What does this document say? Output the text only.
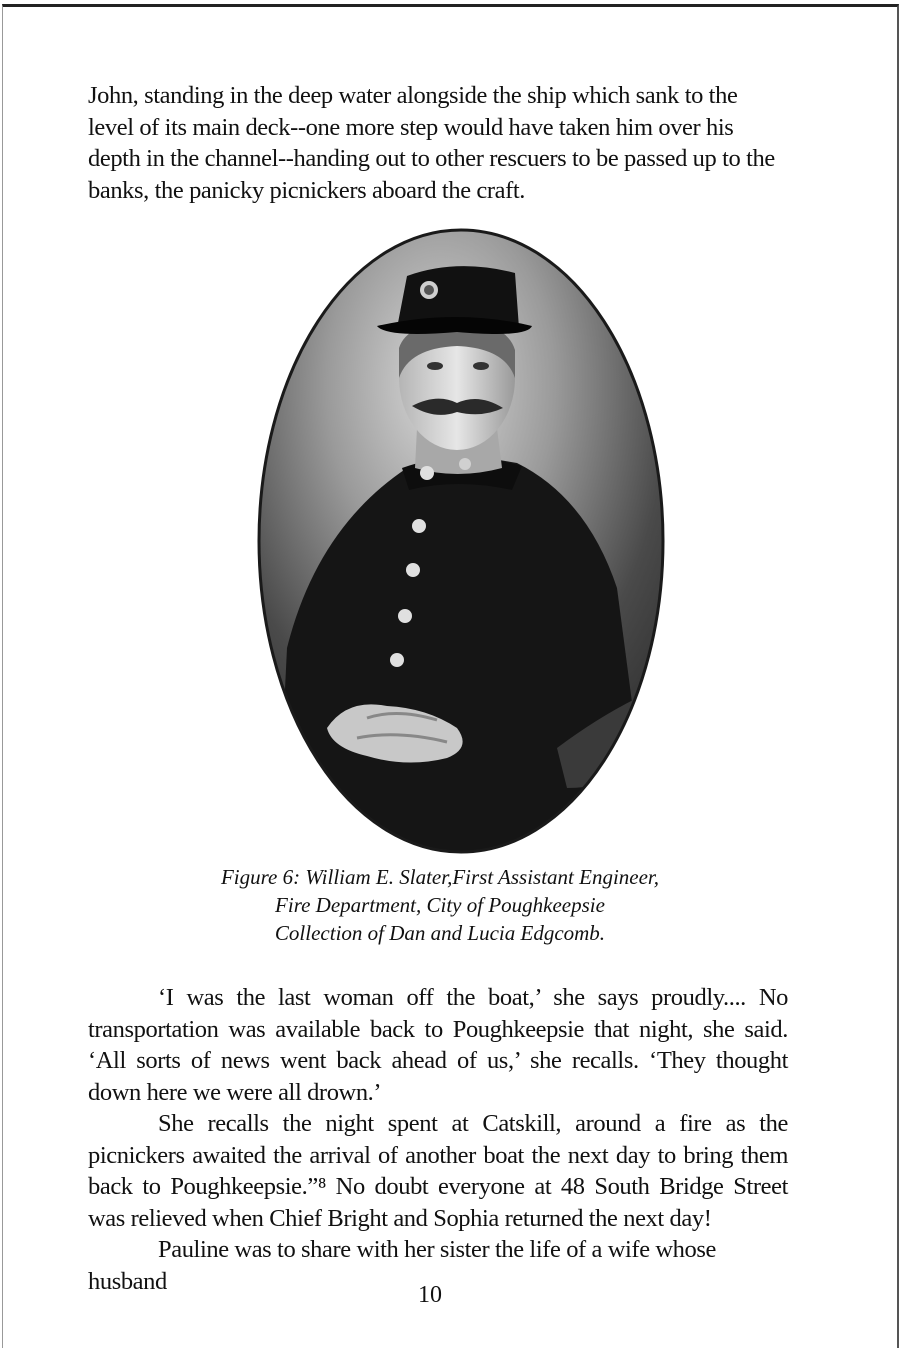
John, standing in the deep water alongside the ship which sank to the level of its main deck--one more step would have taken him over his depth in the channel--handing out to other rescuers to be passed up to the banks, the panicky picnickers aboard the craft.

Figure 6: William E. Slater,First Assistant Engineer,
Fire Department, City of Poughkeepsie
Collection of Dan and Lucia Edgcomb.

‘I was the last woman off the boat,’ she says proudly.... No transportation was available back to Poughkeepsie that night, she said. ‘All sorts of news went back ahead of us,’ she recalls. ‘They thought down here we were all drown.’

She recalls the night spent at Catskill, around a fire as the picnickers awaited the arrival of another boat the next day to bring them back to Poughkeepsie.”⁸ No doubt everyone at 48 South Bridge Street was relieved when Chief Bright and Sophia returned the next day!

Pauline was to share with her sister the life of a wife whose husband

10
